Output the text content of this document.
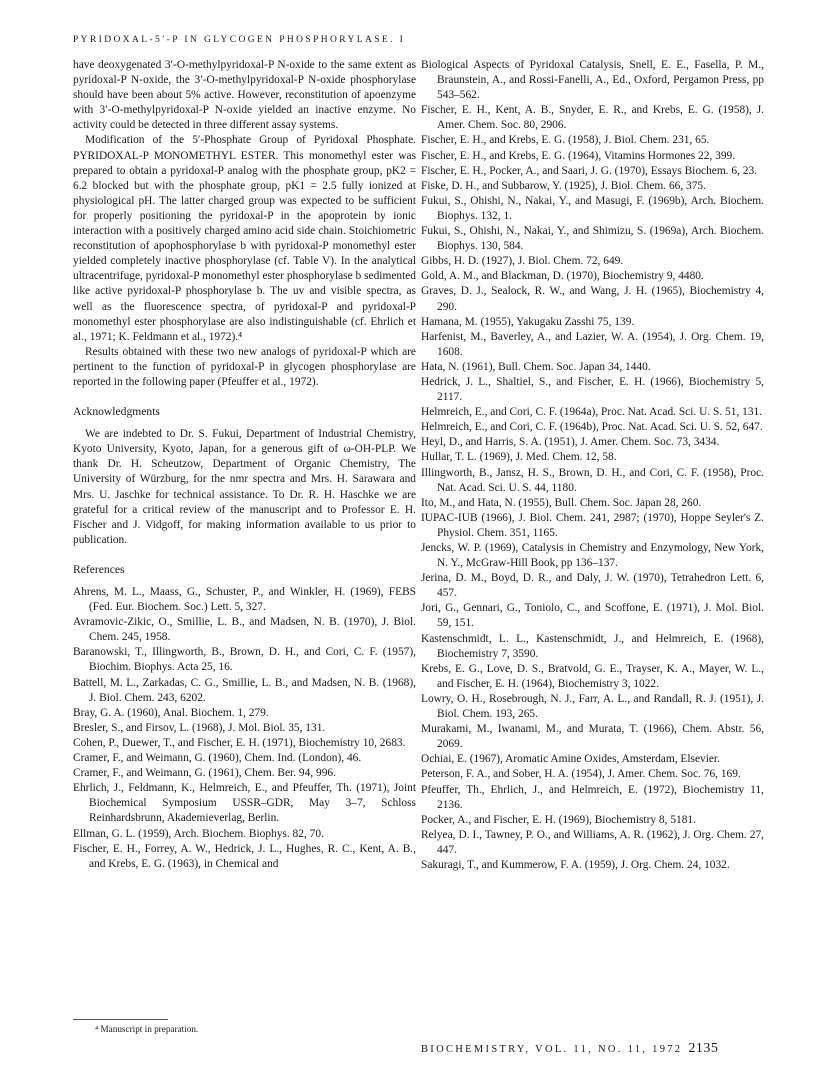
PYRIDOXAL-5′-P IN GLYCOGEN PHOSPHORYLASE. I

have deoxygenated 3′-O-methylpyridoxal-P N-oxide to the same extent as pyridoxal-P N-oxide, the 3′-O-methylpyridoxal-P N-oxide phosphorylase should have been about 5% active. However, reconstitution of apoenzyme with 3′-O-methylpyridoxal-P N-oxide yielded an inactive enzyme. No activity could be detected in three different assay systems.

Modification of the 5′-Phosphate Group of Pyridoxal Phosphate. PYRIDOXAL-P MONOMETHYL ESTER. This monomethyl ester was prepared to obtain a pyridoxal-P analog with the phosphate group, pK2 = 6.2 blocked but with the phosphate group, pK1 = 2.5 fully ionized at physiological pH. The latter charged group was expected to be sufficient for properly positioning the pyridoxal-P in the apoprotein by ionic interaction with a positively charged amino acid side chain. Stoichiometric reconstitution of apophosphorylase b with pyridoxal-P monomethyl ester yielded completely inactive phosphorylase (cf. Table V). In the analytical ultracentrifuge, pyridoxal-P monomethyl ester phosphorylase b sedimented like active pyridoxal-P phosphorylase b. The uv and visible spectra, as well as the fluorescence spectra, of pyridoxal-P and pyridoxal-P monomethyl ester phosphorylase are also indistinguishable (cf. Ehrlich et al., 1971; K. Feldmann et al., 1972).⁴

Results obtained with these two new analogs of pyridoxal-P which are pertinent to the function of pyridoxal-P in glycogen phosphorylase are reported in the following paper (Pfeuffer et al., 1972).

Acknowledgments

We are indebted to Dr. S. Fukui, Department of Industrial Chemistry, Kyoto University, Kyoto, Japan, for a generous gift of ω-OH-PLP. We thank Dr. H. Scheutzow, Department of Organic Chemistry, The University of Würzburg, for the nmr spectra and Mrs. H. Sarawara and Mrs. U. Jaschke for technical assistance. To Dr. R. H. Haschke we are grateful for a critical review of the manuscript and to Professor E. H. Fischer and J. Vidgoff, for making information available to us prior to publication.

References

Ahrens, M. L., Maass, G., Schuster, P., and Winkler, H. (1969), FEBS (Fed. Eur. Biochem. Soc.) Lett. 5, 327.

Avramovic-Zikic, O., Smillie, L. B., and Madsen, N. B. (1970), J. Biol. Chem. 245, 1958.

Baranowski, T., Illingworth, B., Brown, D. H., and Cori, C. F. (1957), Biochim. Biophys. Acta 25, 16.

Battell, M. L., Zarkadas, C. G., Smillie, L. B., and Madsen, N. B. (1968), J. Biol. Chem. 243, 6202.

Bray, G. A. (1960), Anal. Biochem. 1, 279.

Bresler, S., and Firsov, L. (1968), J. Mol. Biol. 35, 131.

Cohen, P., Duewer, T., and Fischer, E. H. (1971), Biochemistry 10, 2683.

Cramer, F., and Weimann, G. (1960), Chem. Ind. (London), 46.

Cramer, F., and Weimann, G. (1961), Chem. Ber. 94, 996.

Ehrlich, J., Feldmann, K., Helmreich, E., and Pfeuffer, Th. (1971), Joint Biochemical Symposium USSR–GDR, May 3–7, Schloss Reinhardsbrunn, Akademieverlag, Berlin.

Ellman, G. L. (1959), Arch. Biochem. Biophys. 82, 70.

Fischer, E. H., Forrey, A. W., Hedrick, J. L., Hughes, R. C., Kent, A. B., and Krebs, E. G. (1963), in Chemical and

Biological Aspects of Pyridoxal Catalysis, Snell, E. E., Fasella, P. M., Braunstein, A., and Rossi-Fanelli, A., Ed., Oxford, Pergamon Press, pp 543–562.

Fischer, E. H., Kent, A. B., Snyder, E. R., and Krebs, E. G. (1958), J. Amer. Chem. Soc. 80, 2906.

Fischer, E. H., and Krebs, E. G. (1958), J. Biol. Chem. 231, 65.

Fischer, E. H., and Krebs, E. G. (1964), Vitamins Hormones 22, 399.

Fischer, E. H., Pocker, A., and Saari, J. G. (1970), Essays Biochem. 6, 23.

Fiske, D. H., and Subbarow, Y. (1925), J. Biol. Chem. 66, 375.

Fukui, S., Ohishi, N., Nakai, Y., and Masugi, F. (1969b), Arch. Biochem. Biophys. 132, 1.

Fukui, S., Ohishi, N., Nakai, Y., and Shimizu, S. (1969a), Arch. Biochem. Biophys. 130, 584.

Gibbs, H. D. (1927), J. Biol. Chem. 72, 649.

Gold, A. M., and Blackman, D. (1970), Biochemistry 9, 4480.

Graves, D. J., Sealock, R. W., and Wang, J. H. (1965), Biochemistry 4, 290.

Hamana, M. (1955), Yakugaku Zasshi 75, 139.

Harfenist, M., Baverley, A., and Lazier, W. A. (1954), J. Org. Chem. 19, 1608.

Hata, N. (1961), Bull. Chem. Soc. Japan 34, 1440.

Hedrick, J. L., Shaltiel, S., and Fischer, E. H. (1966), Biochemistry 5, 2117.

Helmreich, E., and Cori, C. F. (1964a), Proc. Nat. Acad. Sci. U. S. 51, 131.

Helmreich, E., and Cori, C. F. (1964b), Proc. Nat. Acad. Sci. U. S. 52, 647.

Heyl, D., and Harris, S. A. (1951), J. Amer. Chem. Soc. 73, 3434.

Hullar, T. L. (1969), J. Med. Chem. 12, 58.

Illingworth, B., Jansz, H. S., Brown, D. H., and Cori, C. F. (1958), Proc. Nat. Acad. Sci. U. S. 44, 1180.

Ito, M., and Hata, N. (1955), Bull. Chem. Soc. Japan 28, 260.

IUPAC-IUB (1966), J. Biol. Chem. 241, 2987; (1970), Hoppe Seyler's Z. Physiol. Chem. 351, 1165.

Jencks, W. P. (1969), Catalysis in Chemistry and Enzymology, New York, N. Y., McGraw-Hill Book, pp 136–137.

Jerina, D. M., Boyd, D. R., and Daly, J. W. (1970), Tetrahedron Lett. 6, 457.

Jori, G., Gennari, G., Toniolo, C., and Scoffone, E. (1971), J. Mol. Biol. 59, 151.

Kastenschmidt, L. L., Kastenschmidt, J., and Helmreich, E. (1968), Biochemistry 7, 3590.

Krebs, E. G., Love, D. S., Bratvold, G. E., Trayser, K. A., Mayer, W. L., and Fischer, E. H. (1964), Biochemistry 3, 1022.

Lowry, O. H., Rosebrough, N. J., Farr, A. L., and Randall, R. J. (1951), J. Biol. Chem. 193, 265.

Murakami, M., Iwanami, M., and Murata, T. (1966), Chem. Abstr. 56, 2069.

Ochiai, E. (1967), Aromatic Amine Oxides, Amsterdam, Elsevier.

Peterson, F. A., and Sober, H. A. (1954), J. Amer. Chem. Soc. 76, 169.

Pfeuffer, Th., Ehrlich, J., and Helmreich, E. (1972), Biochemistry 11, 2136.

Pocker, A., and Fischer, E. H. (1969), Biochemistry 8, 5181.

Relyea, D. I., Tawney, P. O., and Williams, A. R. (1962), J. Org. Chem. 27, 447.

Sakuragi, T., and Kummerow, F. A. (1959), J. Org. Chem. 24, 1032.

⁴ Manuscript in preparation.
BIOCHEMISTRY, VOL. 11, NO. 11, 1972 2135
